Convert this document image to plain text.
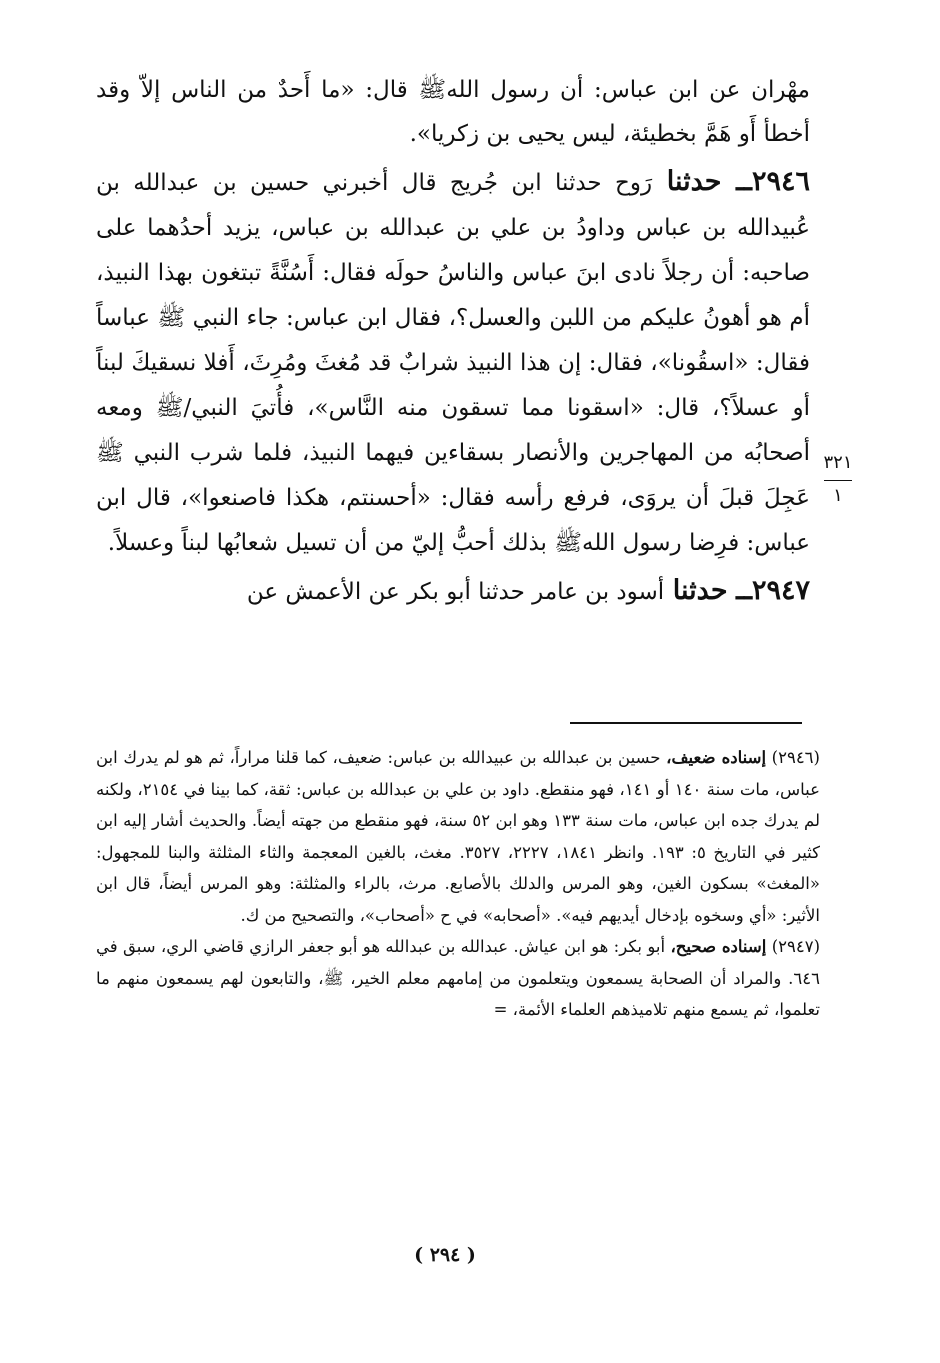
مهْران عن ابن عباس: أن رسول اللهﷺ قال: «ما أَحدٌ من الناس إلاّ وقد أخطأ أَو هَمَّ بخطيئة، ليس يحيى بن زكريا».

٢٩٤٦ــ حدثنا رَوح حدثنا ابن جُريج قال أخبرني حسين بن عبدالله بن عُبيدالله بن عباس وداودُ بن علي بن عبدالله بن عباس، يزيد أحدُهما على صاحبه: أن رجلاً نادى ابنَ عباس والناسُ حولَه فقال: أَسُنَّةً تبتغون بهذا النبيذ، أم هو أهونُ عليكم من اللبن والعسل؟، فقال ابن عباس: جاء النبي ﷺ عباساً فقال: «اسقُونا»، فقال: إن هذا النبيذ شرابٌ قد مُغثَ ومُرِثَ، أَفلا نسقيكَ لبناً أو عسلاً؟، قال: «اسقونا مما تسقون منه النَّاس»، فأُتيَ النبي/ﷺ ومعه أصحابُه من المهاجرين والأنصار بسقاءين فيهما النبيذ، فلما شرب النبي ﷺ عَجِلَ قبلَ أن يروَى، فرفع رأسه فقال: «أحسنتم، هكذا فاصنعوا»، قال ابن عباس: فرِضا رسول اللهﷺ بذلك أحبُّ إليّ من أن تسيل شعابُها لبناً وعسلاً.

٢٩٤٧ــ حدثنا أسود بن عامر حدثنا أبو بكر عن الأعمش عن

٣٢١
١

(٢٩٤٦) إسناده ضعيف، حسين بن عبدالله بن عبيدالله بن عباس: ضعيف، كما قلنا مراراً، ثم هو لم يدرك ابن عباس، مات سنة ١٤٠ أو ١٤١، فهو منقطع. داود بن علي بن عبدالله بن عباس: ثقة، كما بينا في ٢١٥٤، ولكنه لم يدرك جده ابن عباس، مات سنة ١٣٣ وهو ابن ٥٢ سنة، فهو منقطع من جهته أيضاً. والحديث أشار إليه ابن كثير في التاريخ ٥: ١٩٣. وانظر ١٨٤١، ٢٢٢٧، ٣٥٢٧. مغث، بالغين المعجمة والثاء المثلثة والبنا للمجهول: «المغث» بسكون الغين، وهو المرس والدلك بالأصابع. مرث، بالراء والمثلثة: وهو المرس أيضاً، قال ابن الأثير: «أي وسخوه بإدخال أيديهم فيه». «أصحابه» في ح «أصحاب»، والتصحيح من ك.

(٢٩٤٧) إسناده صحيح، أبو بكر: هو ابن عياش. عبدالله بن عبدالله هو أبو جعفر الرازي قاضي الري، سبق في ٦٤٦. والمراد أن الصحابة يسمعون ويتعلمون من إمامهم معلم الخير، ﷺ، والتابعون لهم يسمعون منهم ما تعلموا، ثم يسمع منهم تلاميذهم العلماء الأئمة، =

( ٢٩٤ )
